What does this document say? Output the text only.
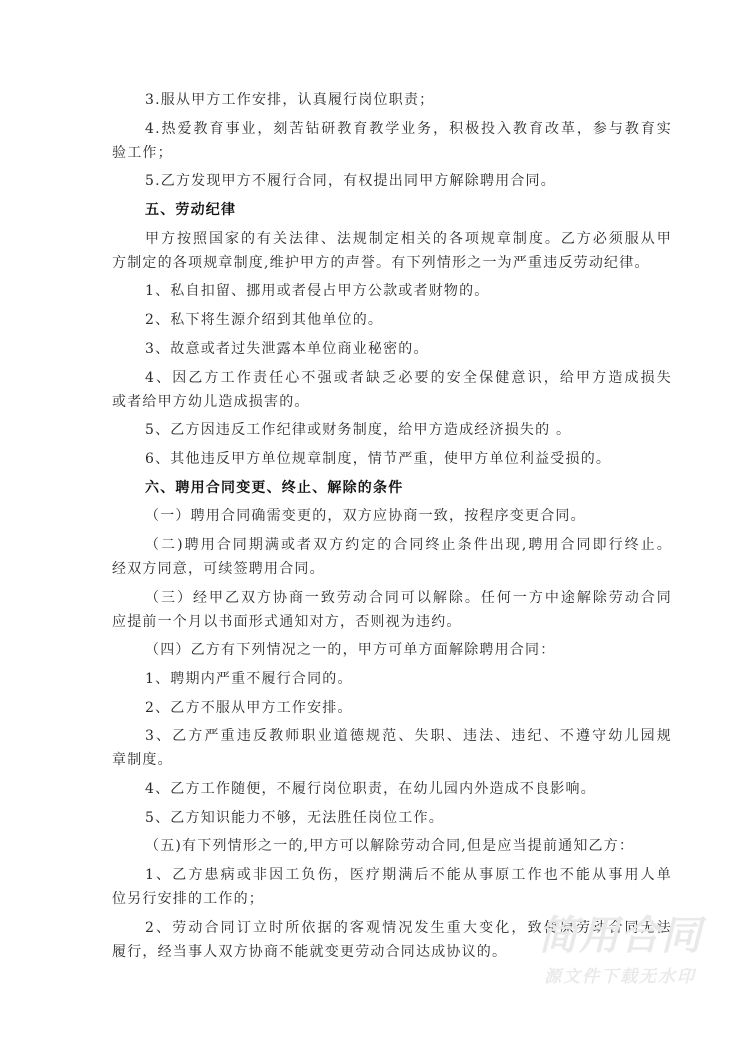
3.服从甲方工作安排，认真履行岗位职责；
4.热爱教育事业，刻苦钻研教育教学业务，积极投入教育改革，参与教育实
验工作；
5.乙方发现甲方不履行合同，有权提出同甲方解除聘用合同。
五、劳动纪律
甲方按照国家的有关法律、法规制定相关的各项规章制度。乙方必须服从甲
方制定的各项规章制度,维护甲方的声誉。有下列情形之一为严重违反劳动纪律。
1、私自扣留、挪用或者侵占甲方公款或者财物的。
2、私下将生源介绍到其他单位的。
3、故意或者过失泄露本单位商业秘密的。
4、因乙方工作责任心不强或者缺乏必要的安全保健意识，给甲方造成损失
或者给甲方幼儿造成损害的。
5、乙方因违反工作纪律或财务制度，给甲方造成经济损失的 。
6、其他违反甲方单位规章制度，情节严重，使甲方单位利益受损的。
六、聘用合同变更、终止、解除的条件
（一）聘用合同确需变更的，双方应协商一致，按程序变更合同。
（二)聘用合同期满或者双方约定的合同终止条件出现,聘用合同即行终止。
经双方同意，可续签聘用合同。
（三）经甲乙双方协商一致劳动合同可以解除。任何一方中途解除劳动合同
应提前一个月以书面形式通知对方，否则视为违约。
（四）乙方有下列情况之一的，甲方可单方面解除聘用合同：
1、聘期内严重不履行合同的。
2、乙方不服从甲方工作安排。
3、乙方严重违反教师职业道德规范、失职、违法、违纪、不遵守幼儿园规
章制度。
4、乙方工作随便，不履行岗位职责，在幼儿园内外造成不良影响。
5、乙方知识能力不够，无法胜任岗位工作。
（五)有下列情形之一的,甲方可以解除劳动合同,但是应当提前通知乙方：
1、乙方患病或非因工负伤，医疗期满后不能从事原工作也不能从事用人单
位另行安排的工作的；
2、劳动合同订立时所依据的客观情况发生重大变化，致使原劳动合同无法
履行，经当事人双方协商不能就变更劳动合同达成协议的。 简用合同
源文件下载无水印
